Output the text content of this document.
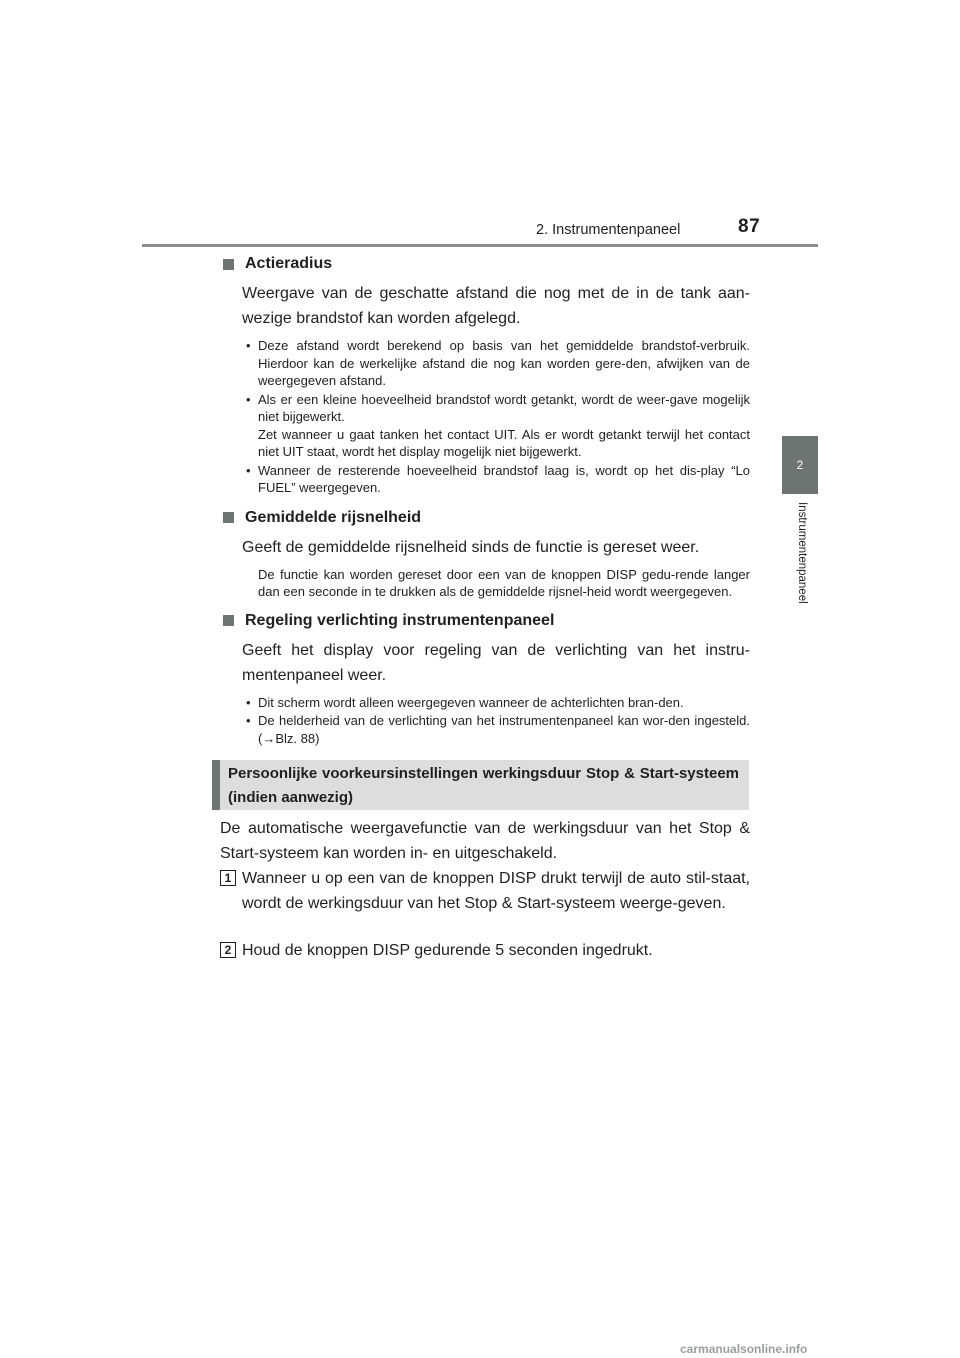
2. Instrumentenpaneel	87
2
Instrumentenpaneel
Actieradius

Weergave van de geschatte afstand die nog met de in de tank aan-wezige brandstof kan worden afgelegd.

• Deze afstand wordt berekend op basis van het gemiddelde brandstof-verbruik. Hierdoor kan de werkelijke afstand die nog kan worden gere-den, afwijken van de weergegeven afstand.
• Als er een kleine hoeveelheid brandstof wordt getankt, wordt de weer-gave mogelijk niet bijgewerkt.
Zet wanneer u gaat tanken het contact UIT. Als er wordt getankt terwijl het contact niet UIT staat, wordt het display mogelijk niet bijgewerkt.
• Wanneer de resterende hoeveelheid brandstof laag is, wordt op het dis-play “Lo FUEL” weergegeven.
Gemiddelde rijsnelheid

Geeft de gemiddelde rijsnelheid sinds de functie is gereset weer.

De functie kan worden gereset door een van de knoppen DISP gedu-rende langer dan een seconde in te drukken als de gemiddelde rijsnel-heid wordt weergegeven.

Regeling verlichting instrumentenpaneel

Geeft het display voor regeling van de verlichting van het instru-mentenpaneel weer.

• Dit scherm wordt alleen weergegeven wanneer de achterlichten bran-den.
• De helderheid van de verlichting van het instrumentenpaneel kan wor-den ingesteld. (→Blz. 88)
Persoonlijke voorkeursinstellingen werkingsduur Stop & Start-systeem (indien aanwezig)
De automatische weergavefunctie van de werkingsduur van het Stop & Start-systeem kan worden in- en uitgeschakeld.
1 Wanneer u op een van de knoppen DISP drukt terwijl de auto stil-staat, wordt de werkingsduur van het Stop & Start-systeem weerge-geven.
2 Houd de knoppen DISP gedurende 5 seconden ingedrukt.
carmanualsonline.info
